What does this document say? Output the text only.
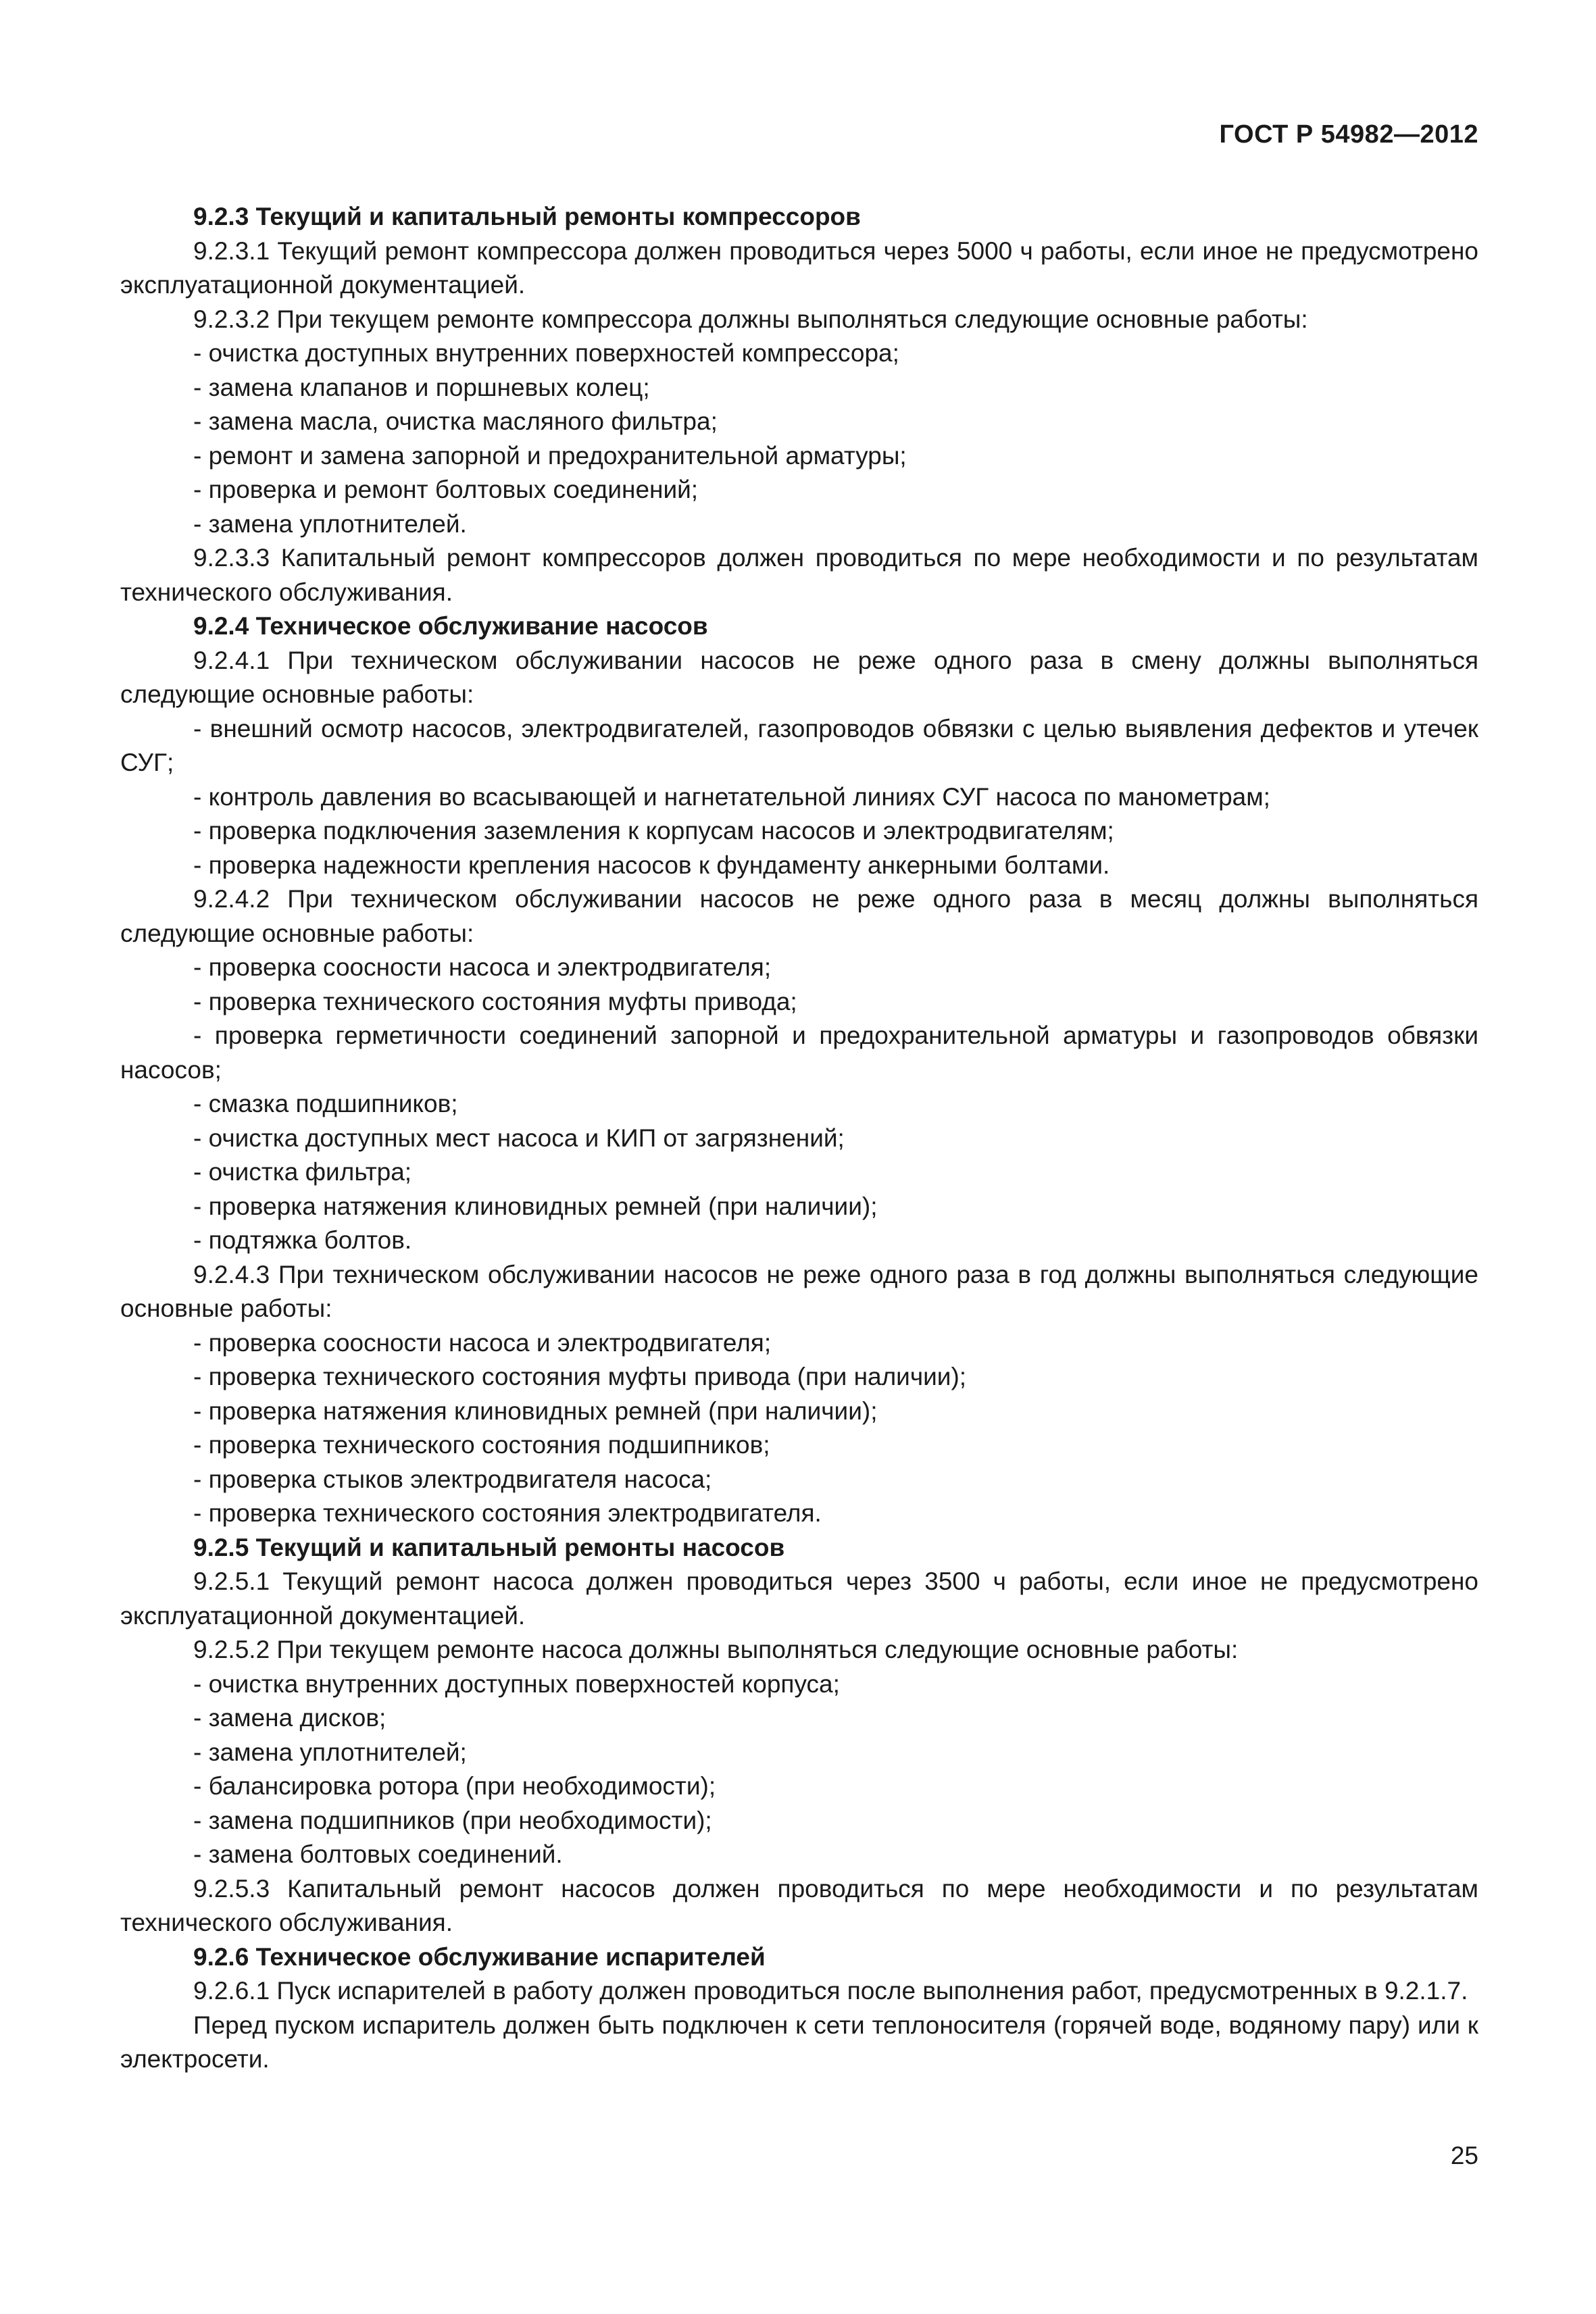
ГОСТ Р 54982—2012

9.2.3 Текущий и капитальный ремонты компрессоров

9.2.3.1 Текущий ремонт компрессора должен проводиться через 5000 ч работы, если иное не предусмотрено эксплуатационной документацией.

9.2.3.2 При текущем ремонте компрессора должны выполняться следующие основные работы:

- очистка доступных внутренних поверхностей компрессора;

- замена клапанов и поршневых колец;

- замена масла, очистка масляного фильтра;

- ремонт и замена запорной и предохранительной арматуры;

- проверка и ремонт болтовых соединений;

- замена уплотнителей.

9.2.3.3 Капитальный ремонт компрессоров должен проводиться по мере необходимости и по результатам технического обслуживания.

9.2.4 Техническое обслуживание насосов

9.2.4.1 При техническом обслуживании насосов не реже одного раза в смену должны выполняться следующие основные работы:

- внешний осмотр насосов, электродвигателей, газопроводов обвязки с целью выявления дефектов и утечек СУГ;

- контроль давления во всасывающей и нагнетательной линиях СУГ насоса по манометрам;

- проверка подключения заземления к корпусам насосов и электродвигателям;

- проверка надежности крепления насосов к фундаменту анкерными болтами.

9.2.4.2 При техническом обслуживании насосов не реже одного раза в месяц должны выполняться следующие основные работы:

- проверка соосности насоса и электродвигателя;

- проверка технического состояния муфты привода;

- проверка герметичности соединений запорной и предохранительной арматуры и газопроводов обвязки насосов;

- смазка подшипников;

- очистка доступных мест насоса и КИП от загрязнений;

- очистка фильтра;

- проверка натяжения клиновидных ремней (при наличии);

- подтяжка болтов.

9.2.4.3 При техническом обслуживании насосов не реже одного раза в год должны выполняться следующие основные работы:

- проверка соосности насоса и электродвигателя;

- проверка технического состояния муфты привода (при наличии);

- проверка натяжения клиновидных ремней (при наличии);

- проверка технического состояния подшипников;

- проверка стыков электродвигателя насоса;

- проверка технического состояния электродвигателя.

9.2.5 Текущий и капитальный ремонты насосов

9.2.5.1 Текущий ремонт насоса должен проводиться через 3500 ч работы, если иное не предусмотрено эксплуатационной документацией.

9.2.5.2 При текущем ремонте насоса должны выполняться следующие основные работы:

- очистка внутренних доступных поверхностей корпуса;

- замена дисков;

- замена уплотнителей;

- балансировка ротора (при необходимости);

- замена подшипников (при необходимости);

- замена болтовых соединений.

9.2.5.3 Капитальный ремонт насосов должен проводиться по мере необходимости и по результатам технического обслуживания.

9.2.6 Техническое обслуживание испарителей

9.2.6.1 Пуск испарителей в работу должен проводиться после выполнения работ, предусмотренных в 9.2.1.7.

Перед пуском испаритель должен быть подключен к сети теплоносителя (горячей воде, водяному пару) или к электросети.

25
